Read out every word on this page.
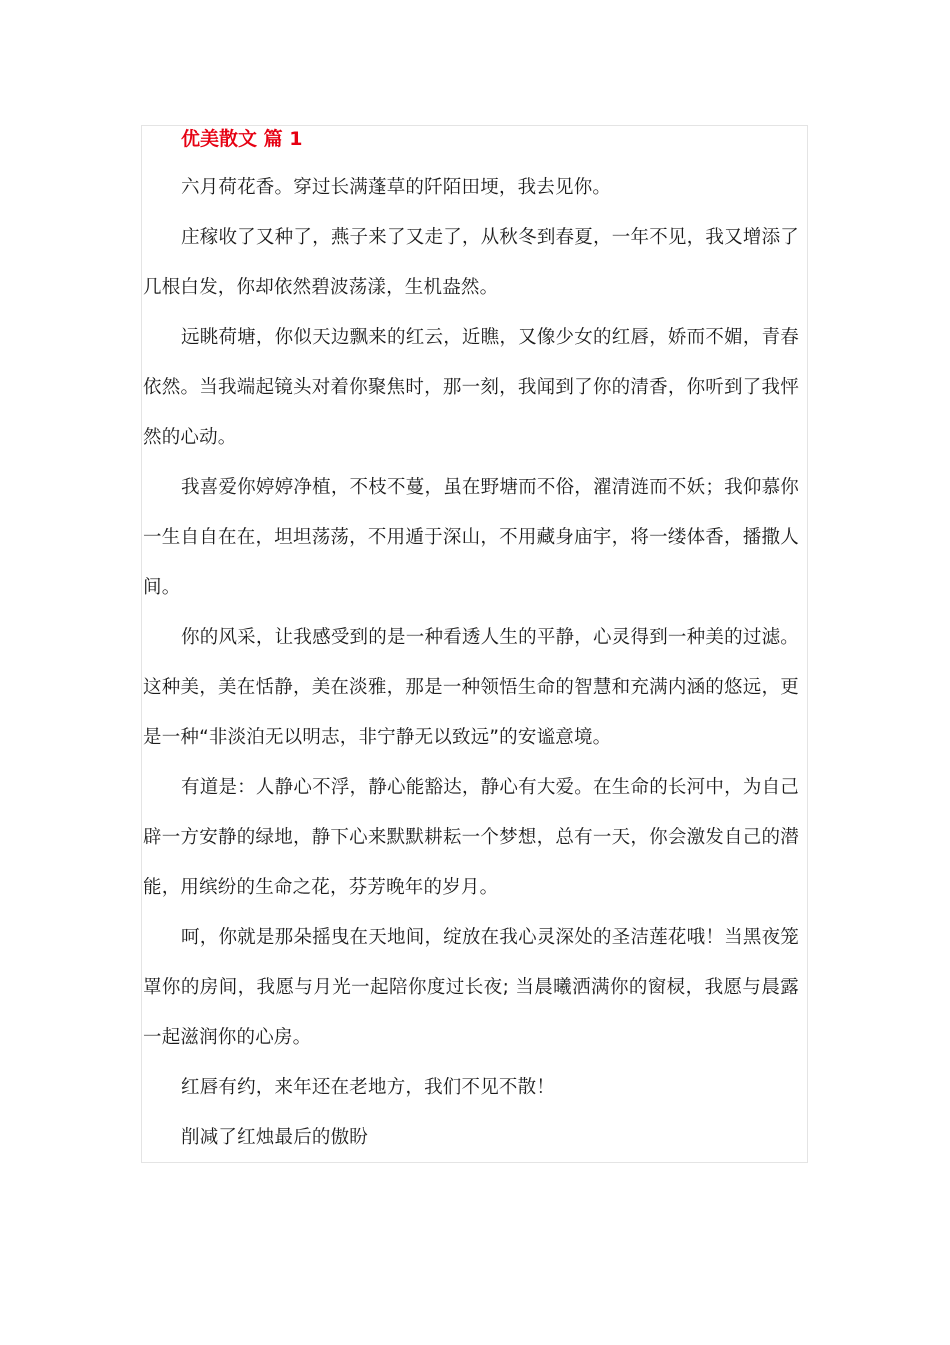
优美散文 篇 1

六月荷花香。穿过长满蓬草的阡陌田埂，我去见你。

庄稼收了又种了，燕子来了又走了，从秋冬到春夏，一年不见，我又增添了几根白发，你却依然碧波荡漾，生机盎然。

远眺荷塘，你似天边飘来的红云，近瞧，又像少女的红唇，娇而不媚，青春依然。当我端起镜头对着你聚焦时，那一刻，我闻到了你的清香，你听到了我怦然的心动。

我喜爱你婷婷净植，不枝不蔓，虽在野塘而不俗，濯清涟而不妖；我仰慕你一生自自在在，坦坦荡荡，不用遁于深山，不用藏身庙宇，将一缕体香，播撒人间。

你的风采，让我感受到的是一种看透人生的平静，心灵得到一种美的过滤。这种美，美在恬静，美在淡雅，那是一种领悟生命的智慧和充满内涵的悠远，更是一种“非淡泊无以明志，非宁静无以致远”的安谧意境。

有道是：人静心不浮，静心能豁达，静心有大爱。在生命的长河中，为自己辟一方安静的绿地，静下心来默默耕耘一个梦想，总有一天，你会激发自己的潜能，用缤纷的生命之花，芬芳晚年的岁月。

呵，你就是那朵摇曳在天地间，绽放在我心灵深处的圣洁莲花哦！当黑夜笼罩你的房间，我愿与月光一起陪你度过长夜; 当晨曦洒满你的窗棂，我愿与晨露一起滋润你的心房。

红唇有约，来年还在老地方，我们不见不散！

削减了红烛最后的傲盼
